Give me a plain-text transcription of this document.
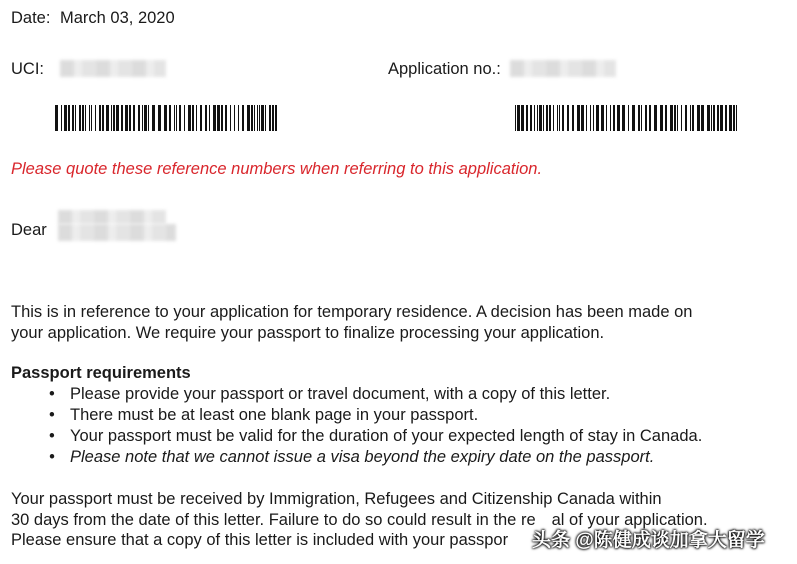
Date: March 03, 2020
UCI:	Application no.:
Please quote these reference numbers when referring to this application.
Dear
This is in reference to your application for temporary residence. A decision has been made on
your application. We require your passport to finalize processing your application.
Passport requirements
• Please provide your passport or travel document, with a copy of this letter.
• There must be at least one blank page in your passport.
• Your passport must be valid for the duration of your expected length of stay in Canada.
• Please note that we cannot issue a visa beyond the expiry date on the passport.
Your passport must be received by Immigration, Refugees and Citizenship Canada within
30 days from the date of this letter. Failure to do so could result in the re al of your application.
Please ensure that a copy of this letter is included with your passpor	头条 @陈健成谈加拿大留学
